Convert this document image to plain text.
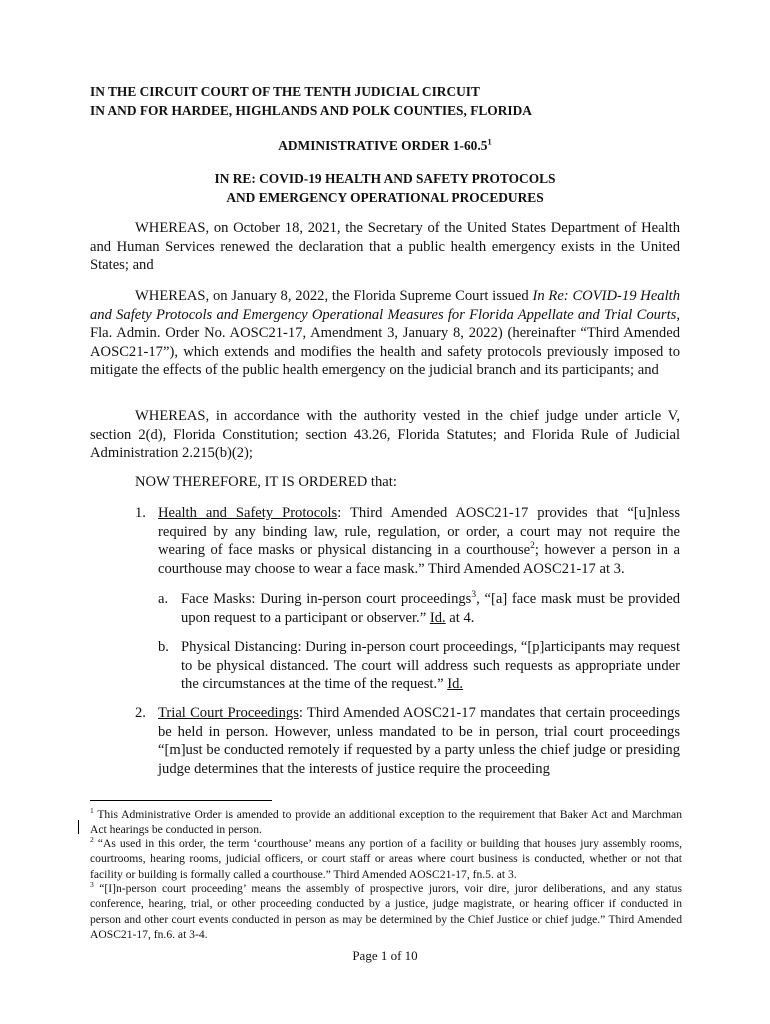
IN THE CIRCUIT COURT OF THE TENTH JUDICIAL CIRCUIT
IN AND FOR HARDEE, HIGHLANDS AND POLK COUNTIES, FLORIDA
ADMINISTRATIVE ORDER 1-60.5$^1$
IN RE: COVID-19 HEALTH AND SAFETY PROTOCOLS
AND EMERGENCY OPERATIONAL PROCEDURES
WHEREAS, on October 18, 2021, the Secretary of the United States Department of Health and Human Services renewed the declaration that a public health emergency exists in the United States; and
WHEREAS, on January 8, 2022, the Florida Supreme Court issued In Re: COVID-19 Health and Safety Protocols and Emergency Operational Measures for Florida Appellate and Trial Courts, Fla. Admin. Order No. AOSC21-17, Amendment 3, January 8, 2022) (hereinafter “Third Amended AOSC21-17”), which extends and modifies the health and safety protocols previously imposed to mitigate the effects of the public health emergency on the judicial branch and its participants; and
WHEREAS, in accordance with the authority vested in the chief judge under article V, section 2(d), Florida Constitution; section 43.26, Florida Statutes; and Florida Rule of Judicial Administration 2.215(b)(2);
NOW THEREFORE, IT IS ORDERED that:
1. Health and Safety Protocols: Third Amended AOSC21-17 provides that “[u]nless required by any binding law, rule, regulation, or order, a court may not require the wearing of face masks or physical distancing in a courthouse$^2$; however a person in a courthouse may choose to wear a face mask.” Third Amended AOSC21-17 at 3.
a. Face Masks: During in-person court proceedings$^3$, “[a] face mask must be provided upon request to a participant or observer.” Id. at 4.
b. Physical Distancing: During in-person court proceedings, “[p]articipants may request to be physical distanced. The court will address such requests as appropriate under the circumstances at the time of the request.” Id.
2. Trial Court Proceedings: Third Amended AOSC21-17 mandates that certain proceedings be held in person. However, unless mandated to be in person, trial court proceedings “[m]ust be conducted remotely if requested by a party unless the chief judge or presiding judge determines that the interests of justice require the proceeding
$^1$ This Administrative Order is amended to provide an additional exception to the requirement that Baker Act and Marchman Act hearings be conducted in person.
$^2$ “As used in this order, the term ‘courthouse’ means any portion of a facility or building that houses jury assembly rooms, courtrooms, hearing rooms, judicial officers, or court staff or areas where court business is conducted, whether or not that facility or building is formally called a courthouse.” Third Amended AOSC21-17, fn.5. at 3.
$^3$ “[I]n-person court proceeding’ means the assembly of prospective jurors, voir dire, juror deliberations, and any status conference, hearing, trial, or other proceeding conducted by a justice, judge magistrate, or hearing officer if conducted in person and other court events conducted in person as may be determined by the Chief Justice or chief judge.” Third Amended AOSC21-17, fn.6. at 3-4.
Page 1 of 10
